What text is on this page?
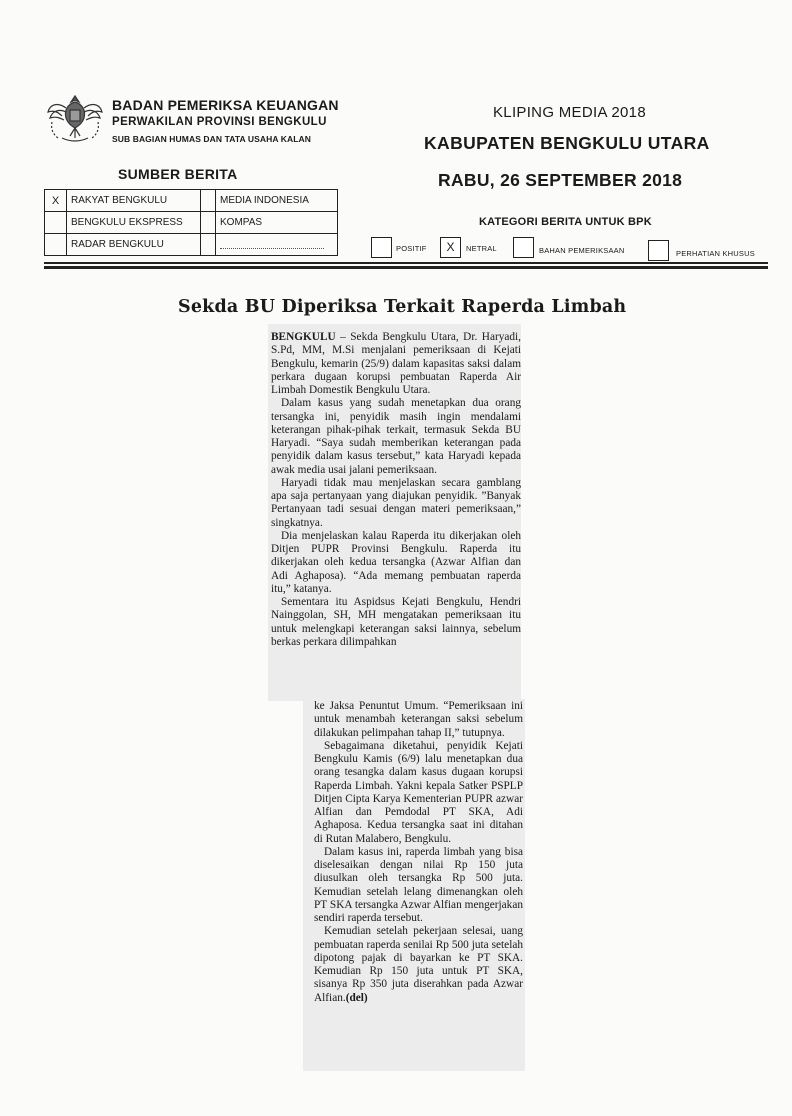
BADAN PEMERIKSA KEUANGAN
PERWAKILAN PROVINSI BENGKULU
SUB BAGIAN HUMAS DAN TATA USAHA KALAN
KLIPING MEDIA 2018
KABUPATEN BENGKULU UTARA
RABU, 26 SEPTEMBER 2018
SUMBER BERITA
X	RAKYAT BENGKULU		MEDIA INDONESIA
	BENGKULU EKSPRESS		KOMPAS
	RADAR BENGKULU		
KATEGORI BERITA UNTUK BPK
POSITIF	X	NETRAL	BAHAN PEMERIKSAAN	PERHATIAN KHUSUS
Sekda BU Diperiksa Terkait Raperda Limbah

BENGKULU – Sekda Bengkulu Utara, Dr. Haryadi, S.Pd, MM, M.Si menjalani pemeriksaan di Kejati Bengkulu, kemarin (25/9) dalam kapasitas saksi dalam perkara dugaan korupsi pembuatan Raperda Air Limbah Domestik Bengkulu Utara.

Dalam kasus yang sudah menetapkan dua orang tersangka ini, penyidik masih ingin mendalami keterangan pihak-pihak terkait, termasuk Sekda BU Haryadi. “Saya sudah memberikan keterangan pada penyidik dalam kasus tersebut,” kata Haryadi kepada awak media usai jalani pemeriksaan.

Haryadi tidak mau menjelaskan secara gamblang apa saja pertanyaan yang diajukan penyidik. ”Banyak Pertanyaan tadi sesuai dengan materi pemeriksaan,” singkatnya.

Dia menjelaskan kalau Raperda itu dikerjakan oleh Ditjen PUPR Provinsi Bengkulu. Raperda itu dikerjakan oleh kedua tersangka (Azwar Alfian dan Adi Aghaposa). “Ada memang pembuatan raperda itu,” katanya.

Sementara itu Aspidsus Kejati Bengkulu, Hendri Nainggolan, SH, MH mengatakan pemeriksaan itu untuk melengkapi keterangan saksi lainnya, sebelum berkas perkara dilimpahkan

ke Jaksa Penuntut Umum. “Pemeriksaan ini untuk menambah keterangan saksi sebelum dilakukan pelimpahan tahap II,” tutupnya.

Sebagaimana diketahui, penyidik Kejati Bengkulu Kamis (6/9) lalu menetapkan dua orang tesangka dalam kasus dugaan korupsi Raperda Limbah. Yakni kepala Satker PSPLP Ditjen Cipta Karya Kementerian PUPR azwar Alfian dan Pemdodal PT SKA, Adi Aghaposa. Kedua tersangka saat ini ditahan di Rutan Malabero, Bengkulu.

Dalam kasus ini, raperda limbah yang bisa diselesaikan dengan nilai Rp 150 juta diusulkan oleh tersangka Rp 500 juta. Kemudian setelah lelang dimenangkan oleh PT SKA tersangka Azwar Alfian mengerjakan sendiri raperda tersebut.

Kemudian setelah pekerjaan selesai, uang pembuatan raperda senilai Rp 500 juta setelah dipotong pajak di bayarkan ke PT SKA. Kemudian Rp 150 juta untuk PT SKA, sisanya Rp 350 juta diserahkan pada Azwar Alfian.(del)
